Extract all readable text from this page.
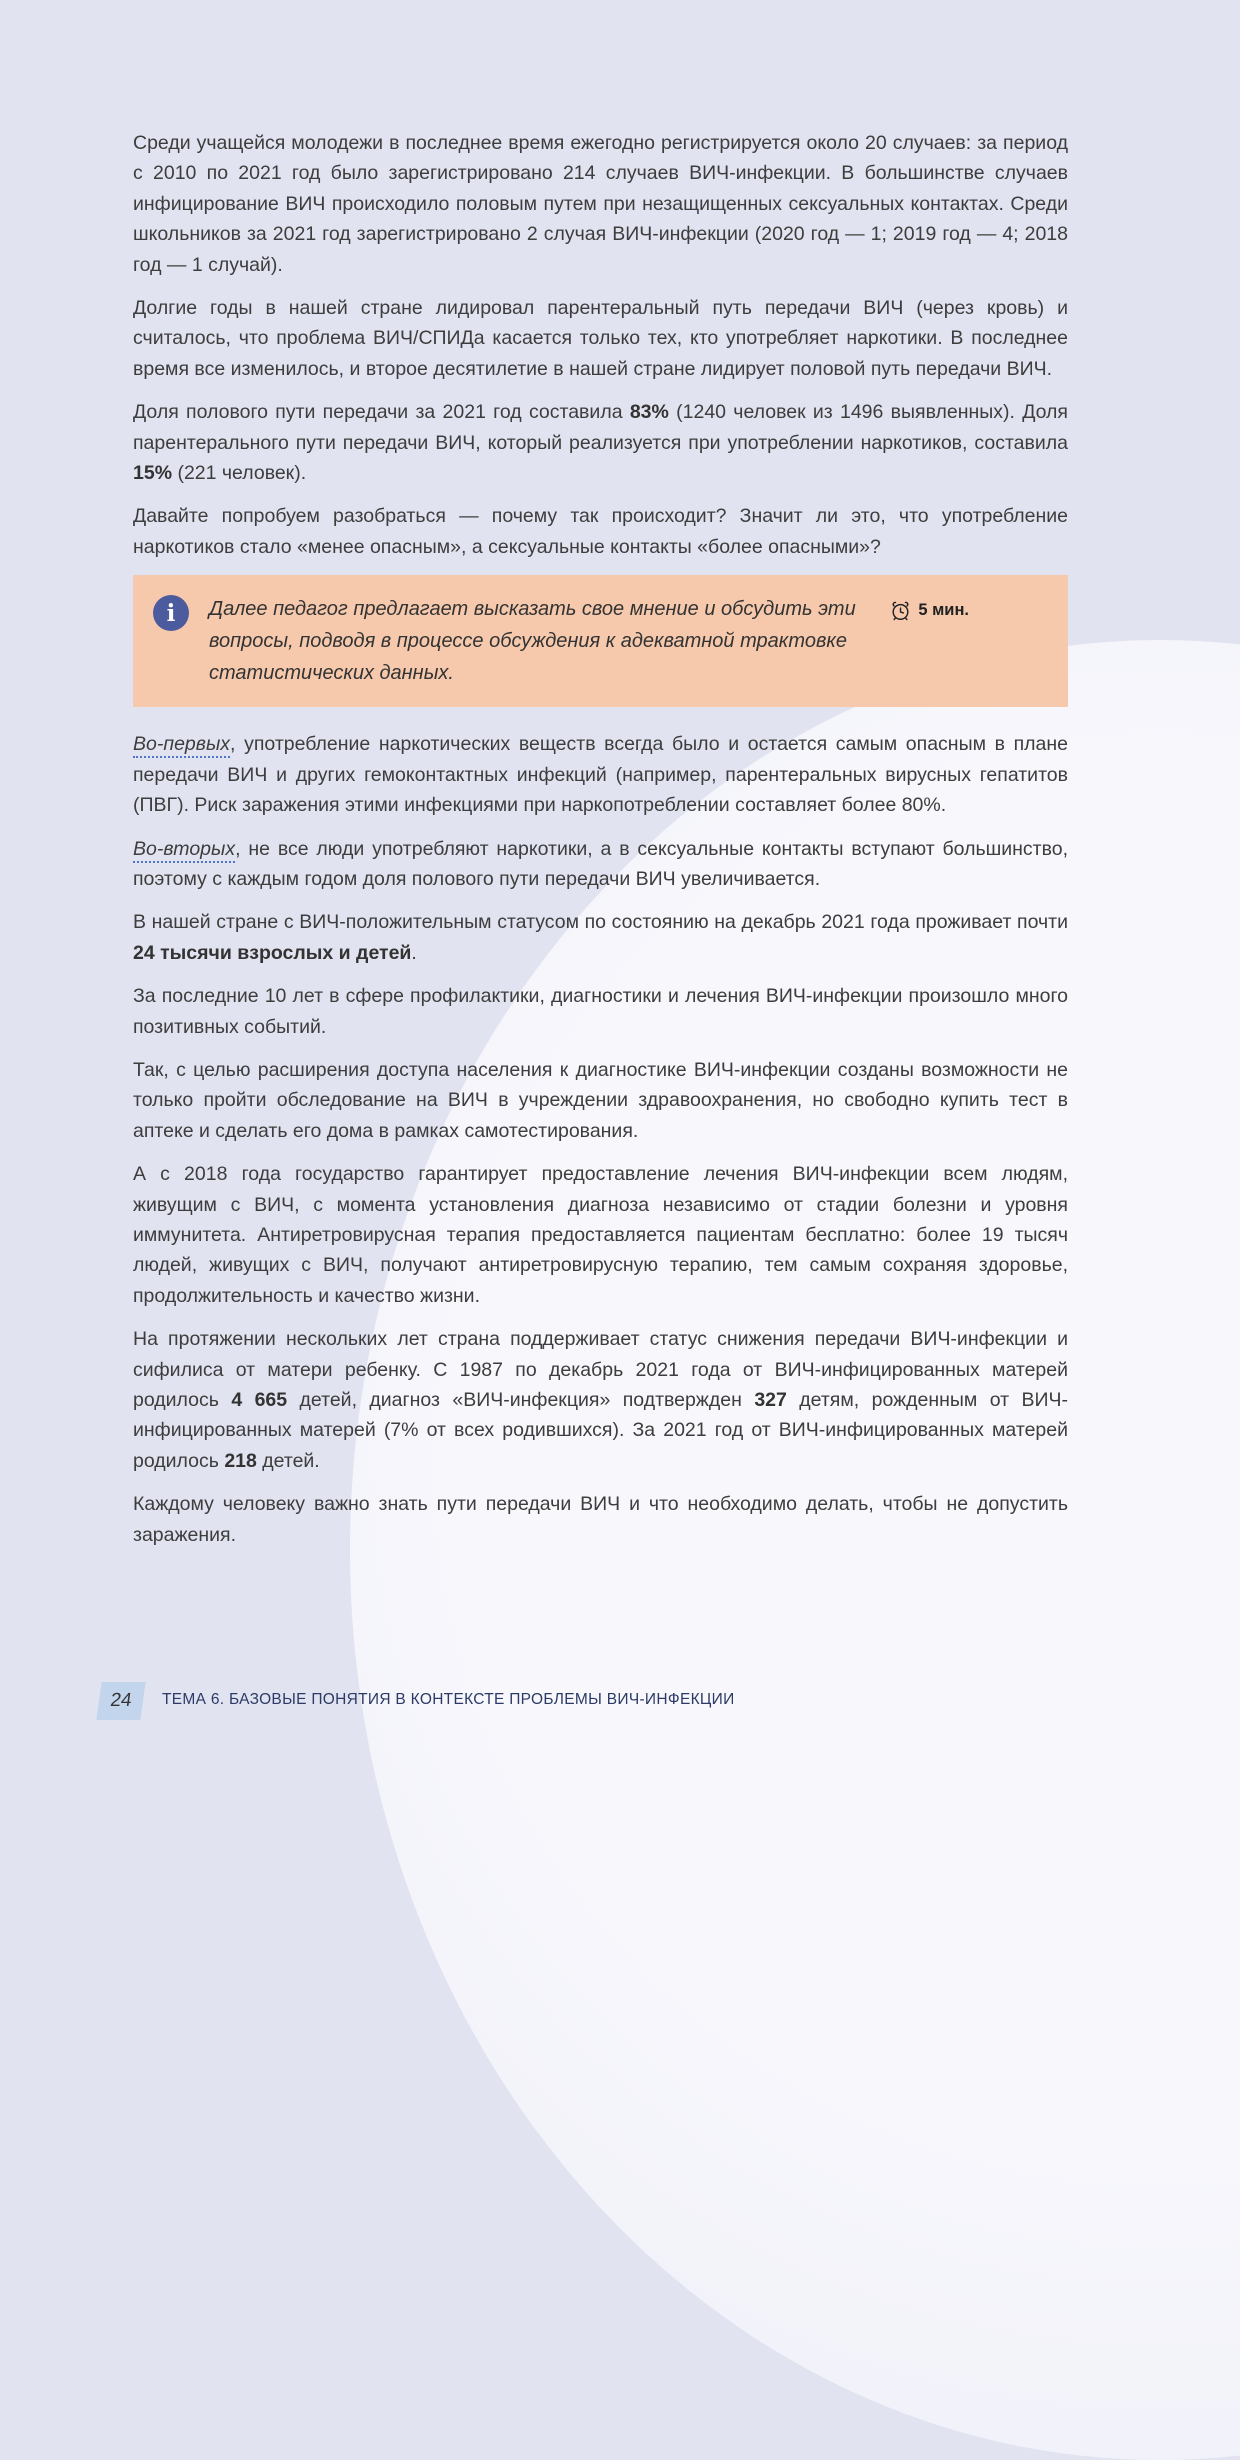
Среди учащейся молодежи в последнее время ежегодно регистрируется около 20 случаев: за период с 2010 по 2021 год было зарегистрировано 214 случаев ВИЧ-инфекции. В большинстве случаев инфицирование ВИЧ происходило половым путем при незащищенных сексуальных контактах. Среди школьников за 2021 год зарегистрировано 2 случая ВИЧ-инфекции (2020 год — 1; 2019 год — 4; 2018 год — 1 случай).

Долгие годы в нашей стране лидировал парентеральный путь передачи ВИЧ (через кровь) и считалось, что проблема ВИЧ/СПИДа касается только тех, кто употребляет наркотики. В последнее время все изменилось, и второе десятилетие в нашей стране лидирует половой путь передачи ВИЧ.

Доля полового пути передачи за 2021 год составила 83% (1240 человек из 1496 выявленных). Доля парентерального пути передачи ВИЧ, который реализуется при употреблении наркотиков, составила 15% (221 человек).

Давайте попробуем разобраться — почему так происходит? Значит ли это, что употребление наркотиков стало «менее опасным», а сексуальные контакты «более опасными»?

i	5 мин.
Далее педагог предлагает высказать свое мнение и обсудить эти вопросы, подводя в процессе обсуждения к адекватной трактовке статистических данных.

Во-первых, употребление наркотических веществ всегда было и остается самым опасным в плане передачи ВИЧ и других гемоконтактных инфекций (например, парентеральных вирусных гепатитов (ПВГ). Риск заражения этими инфекциями при наркопотреблении составляет более 80%.

Во-вторых, не все люди употребляют наркотики, а в сексуальные контакты вступают большинство, поэтому с каждым годом доля полового пути передачи ВИЧ увеличивается.

В нашей стране с ВИЧ-положительным статусом по состоянию на декабрь 2021 года проживает почти 24 тысячи взрослых и детей.

За последние 10 лет в сфере профилактики, диагностики и лечения ВИЧ-инфекции произошло много позитивных событий.

Так, с целью расширения доступа населения к диагностике ВИЧ-инфекции созданы возможности не только пройти обследование на ВИЧ в учреждении здравоохранения, но свободно купить тест в аптеке и сделать его дома в рамках самотестирования.

А с 2018 года государство гарантирует предоставление лечения ВИЧ-инфекции всем людям, живущим с ВИЧ, с момента установления диагноза независимо от стадии болезни и уровня иммунитета. Антиретровирусная терапия предоставляется пациентам бесплатно: более 19 тысяч людей, живущих с ВИЧ, получают антиретровирусную терапию, тем самым сохраняя здоровье, продолжительность и качество жизни.

На протяжении нескольких лет страна поддерживает статус снижения передачи ВИЧ-инфекции и сифилиса от матери ребенку. С 1987 по декабрь 2021 года от ВИЧ-инфицированных матерей родилось 4 665 детей, диагноз «ВИЧ-инфекция» подтвержден 327 детям, рожденным от ВИЧ-инфицированных матерей (7% от всех родившихся). За 2021 год от ВИЧ-инфицированных матерей родилось 218 детей.

Каждому человеку важно знать пути передачи ВИЧ и что необходимо делать, чтобы не допустить заражения.

24	ТЕМА 6. БАЗОВЫЕ ПОНЯТИЯ В КОНТЕКСТЕ ПРОБЛЕМЫ ВИЧ-ИНФЕКЦИИ
